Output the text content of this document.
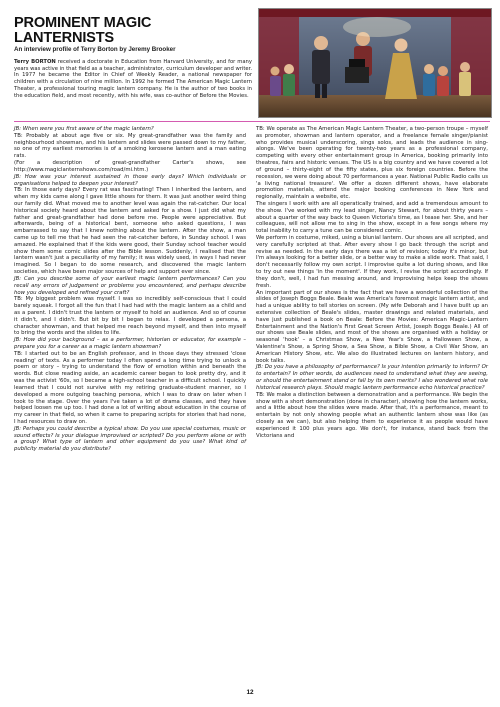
PROMINENT MAGIC LANTERNISTS

An interview profile of Terry Borton by Jeremy Brooker

Terry BORTON received a doctorate in Education from Harvard University, and for many years was active in that field as a teacher, administrator, curriculum developer and writer. In 1977 he became the Editor in Chief of Weekly Reader, a national newspaper for children with a circulation of nine million. In 1992 he formed The American Magic Lantern Theater, a professional touring magic lantern company. He is the author of two books in the education field, and most recently, with his wife, was co-author of Before the Movies.

JB: When were you first aware of the magic lantern?

TB: Probably at about age five or six. My great-grandfather was the family and neighbourhood showman, and his lantern and slides were passed down to my father, so one of my earliest memories is of a smoking kerosene lantern and a man eating rats.

(For a description of great-grandfather Carter's shows, see http://www.magiclanternshows.com/road/mi.htm.)

JB: How was your interest sustained in those early days? Which individuals or organisations helped to deepen your interest?

TB: In those early days? Every rat was fascinating! Then I inherited the lantern, and when my kids came along I gave little shows for them. It was just another weird thing our family did. What moved me to another level was again the rat-catcher. Our local historical society heard about the lantern and asked for a show. I just did what my father and great-grandfather had done before me. People were appreciative. But afterwards, being of a historical bent, someone who asked questions, I was embarrassed to say that I knew nothing about the lantern. After the show, a man came up to tell me that he had seen the rat-catcher before, in Sunday school. I was amazed. He explained that if the kids were good, their Sunday school teacher would show them some comic slides after the Bible lesson. Suddenly, I realised that the lantern wasn't just a peculiarity of my family; it was widely used, in ways I had never imagined. So I began to do some research, and discovered the magic lantern societies, which have been major sources of help and support ever since.

JB: Can you describe some of your earliest magic lantern performances? Can you recall any errors of judgement or problems you encountered, and perhaps describe how you developed and refined your craft?

TB: My biggest problem was myself. I was so incredibly self-conscious that I could barely squeak. I forgot all the fun that I had had with the magic lantern as a child and as a parent. I didn't trust the lantern or myself to hold an audience. And so of course it didn't, and I didn't. But bit by bit I began to relax. I developed a persona, a character showman, and that helped me reach beyond myself, and then into myself to bring the words and the slides to life.

JB: How did your background – as a performer, historian or educator, for example – prepare you for a career as a magic lantern showman?

TB: I started out to be an English professor, and in those days they stressed 'close reading' of texts. As a performer today I often spend a long time trying to unlock a poem or story – trying to understand the flow of emotion within and beneath the words. But close reading aside, an academic career began to look pretty dry, and it was the activist '60s, so I became a high-school teacher in a difficult school. I quickly learned that I could not survive with my retiring graduate-student manner, so I developed a more outgoing teaching persona, which I was to draw on later when I took to the stage. Over the years I've taken a lot of drama classes, and they have helped loosen me up too. I had done a lot of writing about education in the course of my career in that field, so when it came to preparing scripts for stories that had none, I had resources to draw on.

JB: Perhaps you could describe a typical show. Do you use special costumes, music or sound effects? Is your dialogue improvised or scripted? Do you perform alone or with a group? What type of lantern and other equipment do you use? What kind of publicity material do you distribute?

TB: We operate as The American Magic Lantern Theater, a two-person troupe – myself as promoter, showman and lantern operator, and a freelance female singer/pianist who provides musical underscoring, sings solos, and leads the audience in sing-alongs. We've been operating for twenty-two years as a professional company, competing with every other entertainment group in America, booking primarily into theatres, fairs and historic venues. The US is a big country and we have covered a lot of ground – thirty-eight of the fifty states, plus six foreign countries. Before the recession, we were doing about 70 performances a year. National Public Radio calls us 'a living national treasure'. We offer a dozen different shows, have elaborate promotion materials, attend the major booking conferences in New York and regionally, maintain a website, etc.

The singers I work with are all operatically trained, and add a tremendous amount to the show. I've worked with my lead singer, Nancy Stewart, for about thirty years – about a quarter of the way back to Queen Victoria's time, as I tease her. She, and her colleagues, will not allow me to sing in the show, except in a few songs where my total inability to carry a tune can be considered comic.

We perform in costume, miked, using a biunial lantern. Our shows are all scripted, and very carefully scripted at that. After every show I go back through the script and revise as needed. In the early days there was a lot of revision; today it's minor, but I'm always looking for a better slide, or a better way to make a slide work. That said, I don't necessarily follow my own script. I improvise quite a lot during shows, and like to try out new things 'in the moment'. If they work, I revise the script accordingly. If they don't, well, I had fun messing around, and improvising helps keep the shows fresh.

An important part of our shows is the fact that we have a wonderful collection of the slides of Joseph Boggs Beale. Beale was America's foremost magic lantern artist, and had a unique ability to tell stories on screen. (My wife Deborah and I have built up an extensive collection of Beale's slides, master drawings and related materials, and have just published a book on Beale: Before the Movies: American Magic-Lantern Entertainment and the Nation's First Great Screen Artist, Joseph Boggs Beale.) All of our shows use Beale slides, and most of the shows are organised with a holiday or seasonal 'hook' – a Christmas Show, a New Year's Show, a Halloween Show, a Valentine's Show, a Spring Show, a Sea Show, a Bible Show, a Civil War Show, an American History Show, etc. We also do illustrated lectures on lantern history, and book talks.

JB: Do you have a philosophy of performance? Is your intention primarily to inform? Or to entertain? In other words, do audiences need to understand what they are seeing, or should the entertainment stand or fall by its own merits? I also wondered what role historical research plays. Should magic lantern performance echo historical practice?

TB: We make a distinction between a demonstration and a performance. We begin the show with a short demonstration (done in character), showing how the lantern works, and a little about how the slides were made. After that, it's a performance, meant to entertain by not only showing people what an authentic lantern show was like (as closely as we can), but also helping them to experience it as people would have experienced it 100 plus years ago. We don't, for instance, stand back from the Victorians and

12
